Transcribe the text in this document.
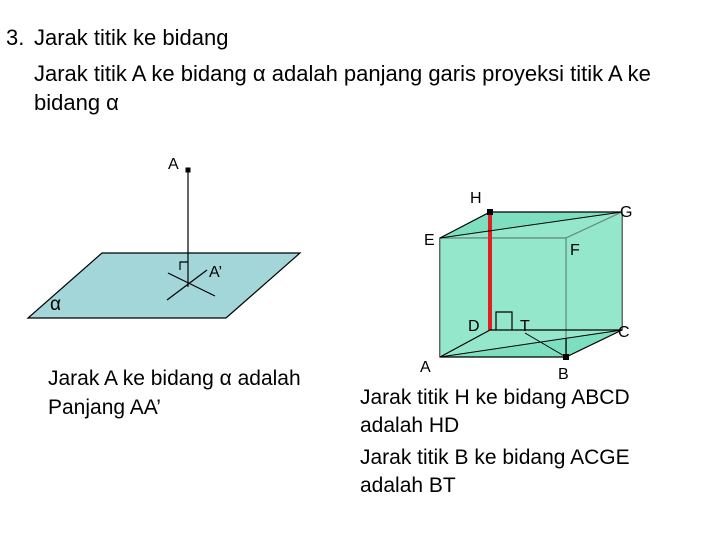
3. Jarak titik ke bidang
Jarak titik A ke bidang α adalah panjang garis proyeksi titik A ke
bidang α
A
A’
α
H
G
E
F
D	T	C
A	B
Jarak A ke bidang α adalah
Panjang AA’	Jarak titik H ke bidang ABCD
adalah HD
Jarak titik B ke bidang ACGE
adalah BT
